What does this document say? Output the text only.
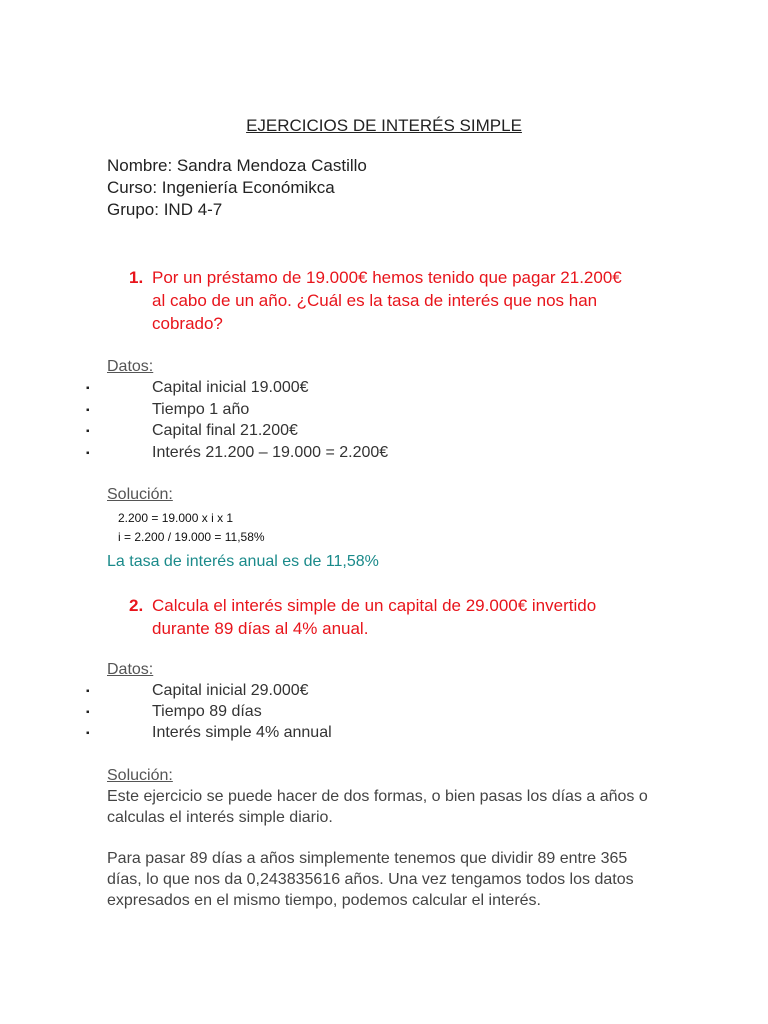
EJERCICIOS DE INTERÉS SIMPLE
Nombre: Sandra Mendoza Castillo
Curso: Ingeniería Económikca
Grupo: IND 4-7
1. Por un préstamo de 19.000€ hemos tenido que pagar 21.200€
al cabo de un año. ¿Cuál es la tasa de interés que nos han
cobrado?
Datos:
▪	Capital inicial 19.000€
▪	Tiempo 1 año
▪	Capital final 21.200€
▪	Interés 21.200 – 19.000 = 2.200€
Solución:
2.200 = 19.000 x i x 1
i = 2.200 / 19.000 = 11,58%
La tasa de interés anual es de 11,58%
2. Calcula el interés simple de un capital de 29.000€ invertido
durante 89 días al 4% anual.
Datos:
▪	Capital inicial 29.000€
▪	Tiempo 89 días
▪	Interés simple 4% annual
Solución:
Este ejercicio se puede hacer de dos formas, o bien pasas los días a años o
calculas el interés simple diario.
Para pasar 89 días a años simplemente tenemos que dividir 89 entre 365
días, lo que nos da 0,243835616 años. Una vez tengamos todos los datos
expresados en el mismo tiempo, podemos calcular el interés.
